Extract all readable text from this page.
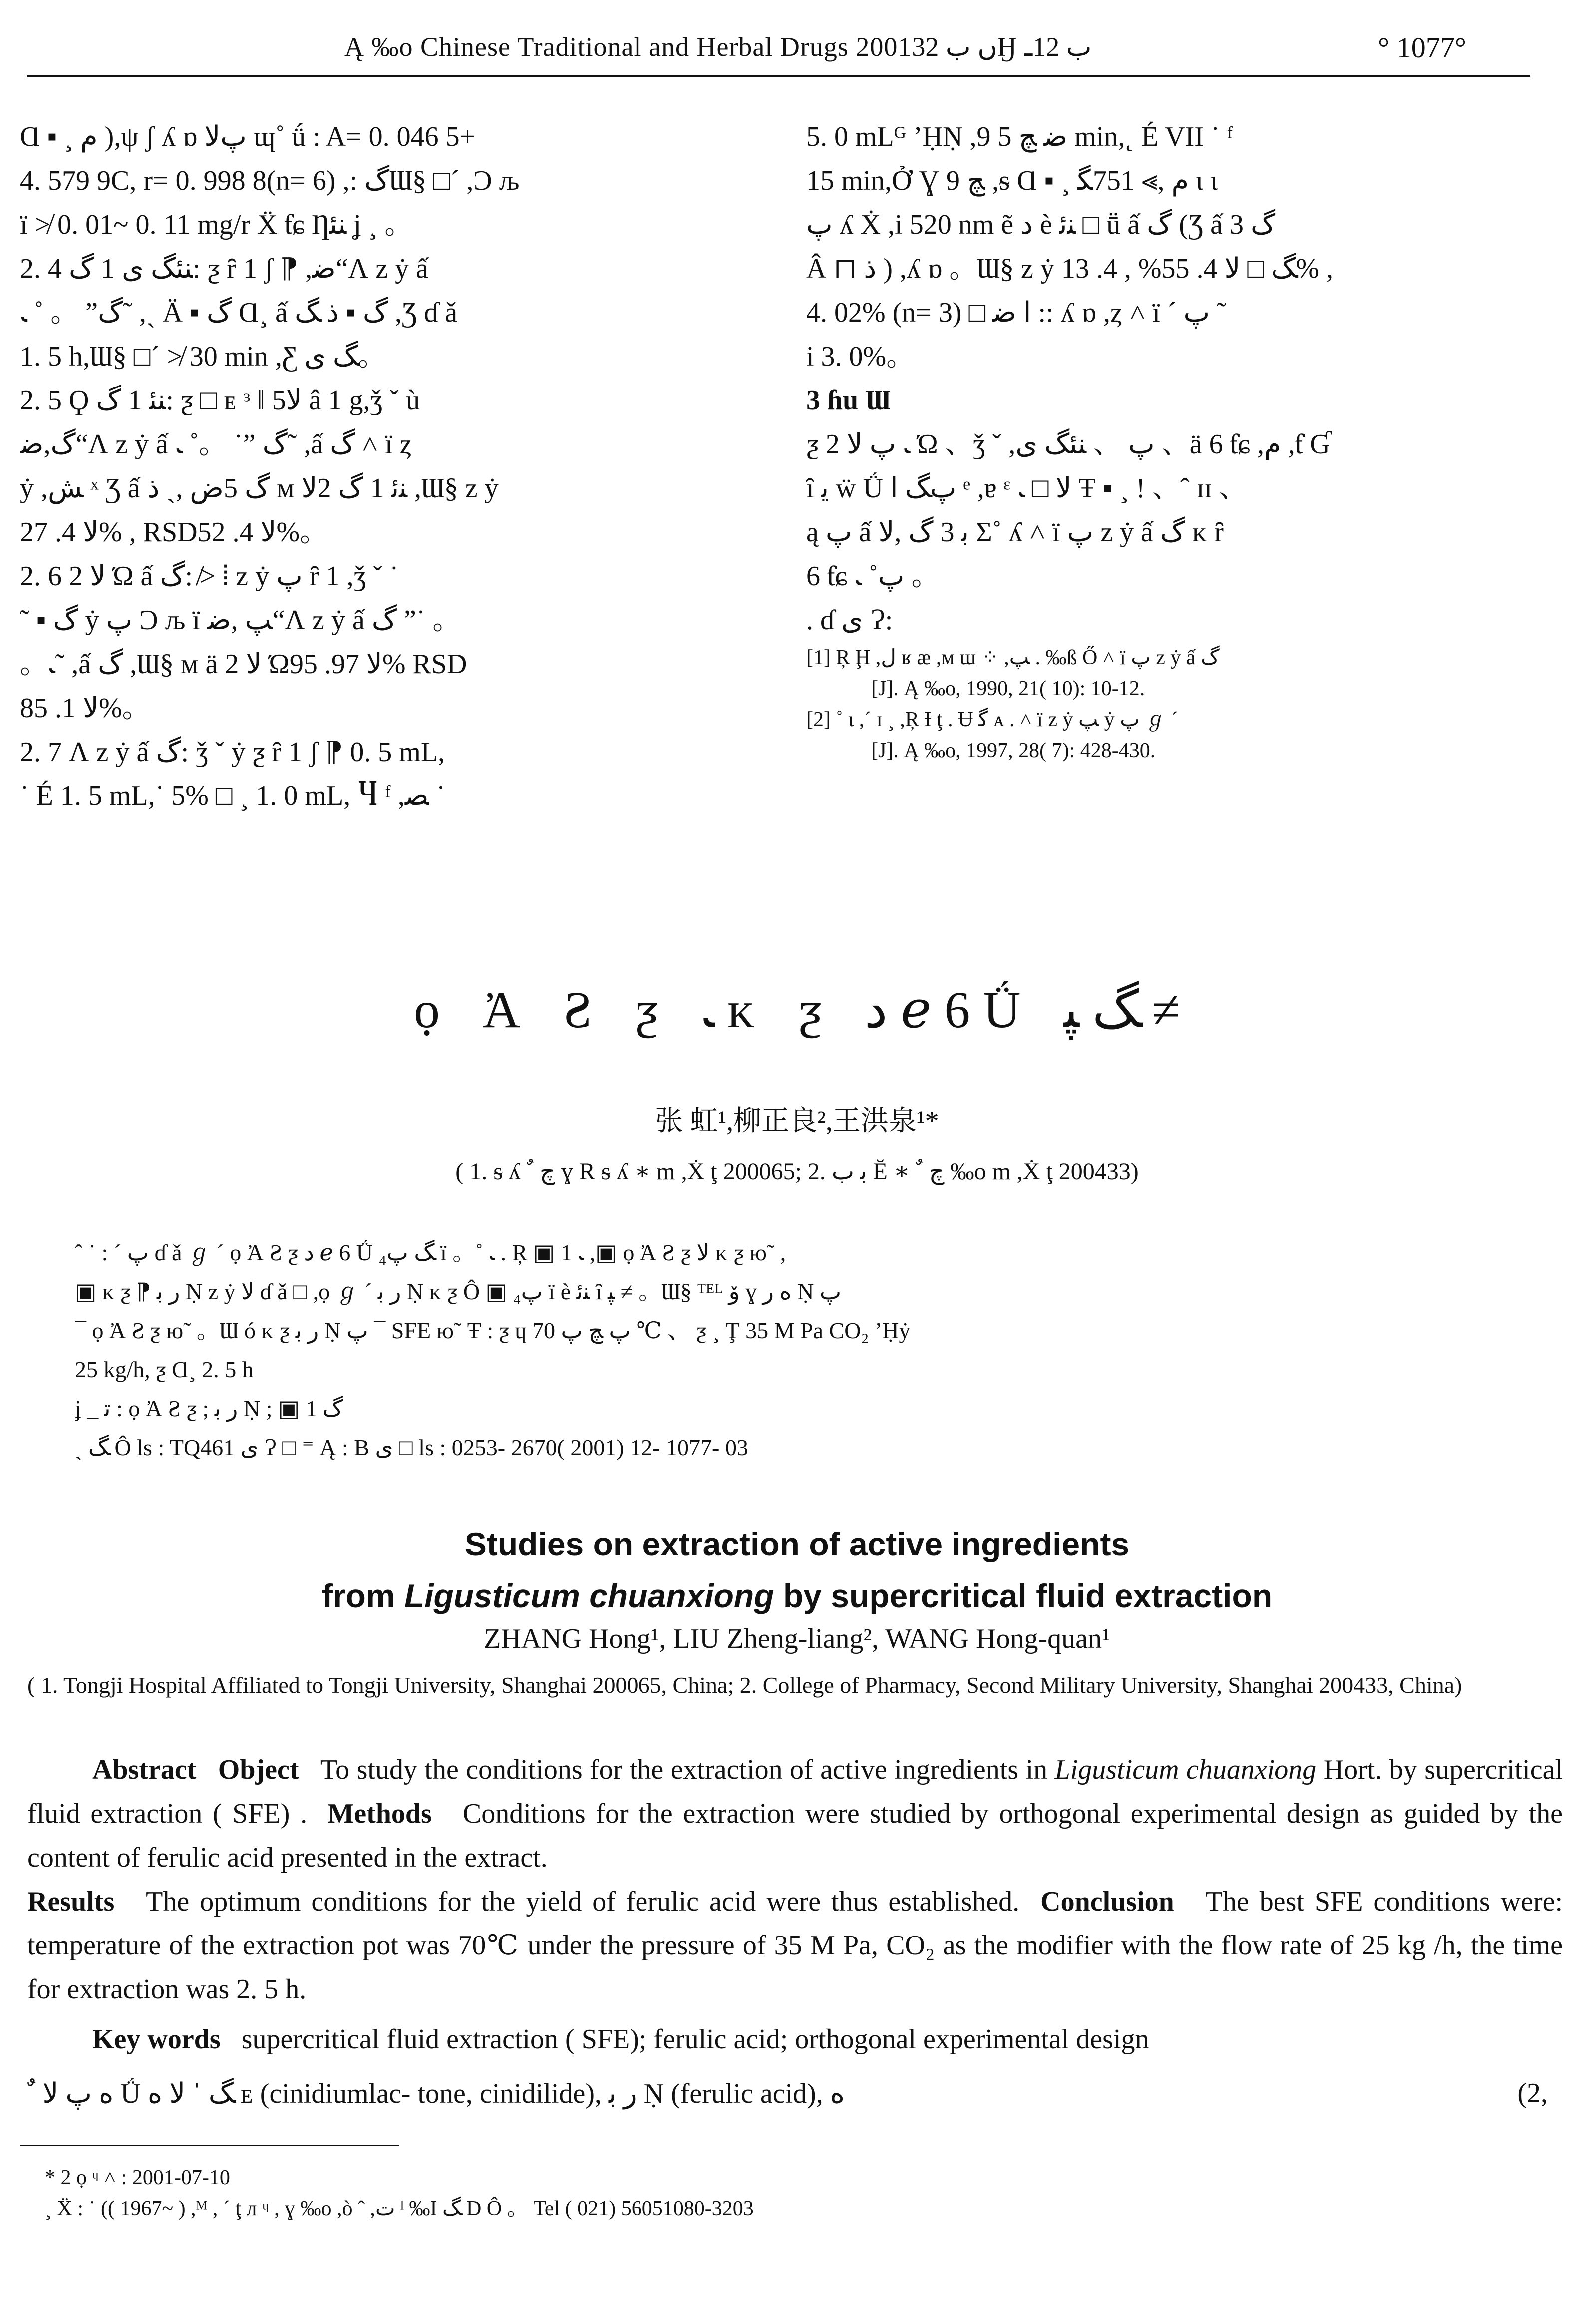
Ą ‰o Chinese Traditional and Herbal Drugs 2001ں ب 32Ӈ ب 12ـ	° 1077°
Ɑ ▪ ¸ ﻡ ),ψ ʃ ʎ ɒ پﻻ ɰ˚ ǘ : A= 0. 046 5+
4. 579 9C, r= 0. 998 8(n= 6) ,: گƜ§ □´ ,Ɔ љ
ï ≯ 0. 01~ 0. 11 mg/r Ẍ ƭɕ Ƞﻨﺌ ʝ ¸ 。
2. 4 ﻨﺌﮓ ی 1 گ: ƺ ȓ 1 ʃ ⁋ ,ﺿ“Ʌ z ẏ ấ
گ” 。 ˚ ﹳ˜ ,ˎ Ä ▪ گ Ɑ¸ ấ گ ▪ ذ ﮓ ,Ʒ ɗ ǎ
1. 5 h,Ɯ§ □´ ≯ 30 min ,Ƹ ﮓ ی。
2. 5 Ϙ ﻨﺌ 1 گ: ƺ □ ᴇ ᵌ ǁ 5ﻻ â 1 g,ǯ ˇ ù
گ,ﺿ“Ʌ z ẏ ấ گ ”˙ 。˚ ﹳ˜ ,ấ گ ˄ ï ȥ
ẏ ,ﺶ ˣ Ʒ ấ گ 5ﺽ ,ˎ ﺫ ᴍ ﻨﺋ 1 گ 2ﻻ ,Ɯ§ z ẏ
ﻻ 4. 27% , RSDﻻ 4. 52%。
2. 6 ﻻ 2 Ώ ấ گ: ≯ ⦙ z ẏ پ ȓ 1 ,ǯ ˇ ˙
˜ ▪ گ ẏ پ Ɔ љ ï ﭗ ,ﺿ“Ʌ z ẏ ấ گ ”˙ 。
。ﹳ˜ ,ấ گ ,Ɯ§ ᴍ ä ﻻ 2 Ώﻻ 97. 95% RSD
ﻻ 1. 85%。
2. 7 Ʌ z ẏ ấ گ: ǯ ˇ ẏ ƺ ȓ 1 ʃ ⁋ 0. 5 mL,
˙ É 1. 5 mL,˙ 5% □ ¸ 1. 0 mL, Ⴗ ᶠ ,ﺼ ˙
5. 0 mLᴳ ʼḤṆ ,9 ﺿ ﭻ 5 min,˛ É VII ˙ ᶠ
15 min,Ở Ɣ 9 ﭻ ,ᵴ Ɑ ▪ ¸ ﻡ ,⪢ 751ﮕ ι ι
ﭖ ʎ Ẋ ,i 520 nm ẽ ﺩ è ﻨﺋ □ ṻ ấ گ (Ʒ ấ گ 3
Â ⊓ ﺫ ) ,ʎ ɒ 。Ɯ§ z ẏ ﮓ □ ﻻ 4. 55% , 4. 13% ,
4. 02% (n= 3) □ ﺍ ﺿ :: ʎ ɒ ,ȥ ˄ ï ´ پ ˜
i 3. 0%。
3 ɦu Ɯ
ƺ ﹳ پ ﻻ 2 Ώ 、ǯ ˇ ,ﭖ 、 ﻨﺌﮓ ی 、ä 6 ƭɕ ,ﻡ ,ƭ Ɠ
ȋ ﻳ ẅ Ǘ پﮓ ا ᵉ ,ɐ ᵋ ﻻ □ ﹳ Ŧ ▪ ¸ ! 、ˆ ɪɪ 、
ą پ ấ ﺑ 3 گ ,ﻻ Σ˚ ʎ ˄ ï پ z ẏ ấ گ ᴋ ȓ
6 ƭɕ پ˚ ﹳ 。
. ɗ ی Ɂ:
[1] Ŗ Ḩ ,ﻝ ʁ æ ,ᴍ ɯ ⁘ ,ﭗ . ‰ß Ő ˄ ï پ z ẏ ấ گ
[J]. Ą ‰o, 1990, 21( 10): 10-12.
[2] ˚ ɩ ,´ ɪ ¸ ,Ŗ Ɨ ţ . Ʉ ﮔ ᴀ . ˄ ï z ẏ ﭗ ẏ پ ℊ ´
[J]. Ą ‰o, 1997, 28( 7): 428-430.
ọ Ἀ Ƨ ƺ ﹳ ᴋ ƺ ﺩ ℯ 6 Ǘ ﮓ ﭙ ≠
张 虹¹,柳正良²,王洪泉¹*
( 1. ᵴ ʎ ﭺ ﹲ ɣ R ᵴ ʎ ∗ m ,Ẋ ţ 200065; 2. ﺑ ب Ĕ ∗ ﭺ ﹲ ‰o m ,Ẋ ţ 200433)
ˆ ˙ : ˊ پ ɗ ǎ ℊ ´ ọ Ἀ Ƨ ƺ ﺩ ℯ 6 Ǘ ﮓ پ₄ ï 。˚ ﹳ . Ŗ ▣ 1 ﹳ ,▣ ọ Ἀ Ƨ ƺ ﻻ ᴋ ƺ ю˜ ,
▣ ᴋ ƺ ⁋ ﺭ ﺑ Ṇ z ẏ ﻻ ɗ ǎ □ ,ọ ℊ ´ ﺭ ﺑ Ṇ ᴋ ƺ Ô ▣ پ₄ ï è ﻨﺋ ȋ ﭙ ≠ 。Ɯ§ ᵀᴱᴸ ﯙ ɣ ﻩ ﺭ Ṇ پ
¯ ọ Ἀ Ƨ ƺ ю˜ 。Ɯ ó ᴋ ƺ ﺭ ﺑ Ṇ پ ¯ SFE ю˜ Ŧ : ƺ ɥ پ ﭻ ﭖ 70 ℃ 、 ƺ ¸ Ţ 35 M Pa CO₂ ʼḤẏ
25 kg/h, ƺ Ɑ¸ 2. 5 h
ʝ _ ﺗ : ọ Ἀ Ƨ ƺ ; ﺭ ﺑ Ṇ ; ▣ 1 گ
ˎ ﮓ Ô ls : TQ461 ی Ɂ □ ⁼ Ą : B ی □ ls : 0253- 2670( 2001) 12- 1077- 03
Studies on extraction of active ingredients
from Ligusticum chuanxiong by supercritical fluid extraction
ZHANG Hong¹, LIU Zheng-liang², WANG Hong-quan¹
( 1. Tongji Hospital Affiliated to Tongji University, Shanghai 200065, China; 2. College of Pharmacy, Second Military University, Shanghai 200433, China)
Abstract Object To study the conditions for the extraction of active ingredients in Ligusticum chuanxiong Hort. by supercritical fluid extraction ( SFE) . Methods Conditions for the extraction were studied by orthogonal experimental design as guided by the content of ferulic acid presented in the extract.
Results The optimum conditions for the yield of ferulic acid were thus established. Conclusion The best SFE conditions were: temperature of the extraction pot was 70℃ under the pressure of 35 M Pa, CO₂ as the modifier with the flow rate of 25 kg /h, the time for extraction was 2. 5 h.
Key words supercritical fluid extraction ( SFE); ferulic acid; orthogonal experimental design
ﻩ پ ﻻ ﹲ Ǘ ﮓ ˈ ﻻ ﻩ ᴇ (cinidiumlac- tone, cinidilide), ﺭ ﺑ Ṇ (ferulic acid), ﻩ	(2,
* 2 ọ ᶣ ˄ : 2001-07-10
¸ Ẍ : ˙ (( 1967~ ) ,ᴹ , ´ ţ л ᶣ , ɣ ‰o ,ò ˆ ,ﺕ ˡ ‰I ﮓ D Ô 。 Tel ( 021) 56051080-3203
